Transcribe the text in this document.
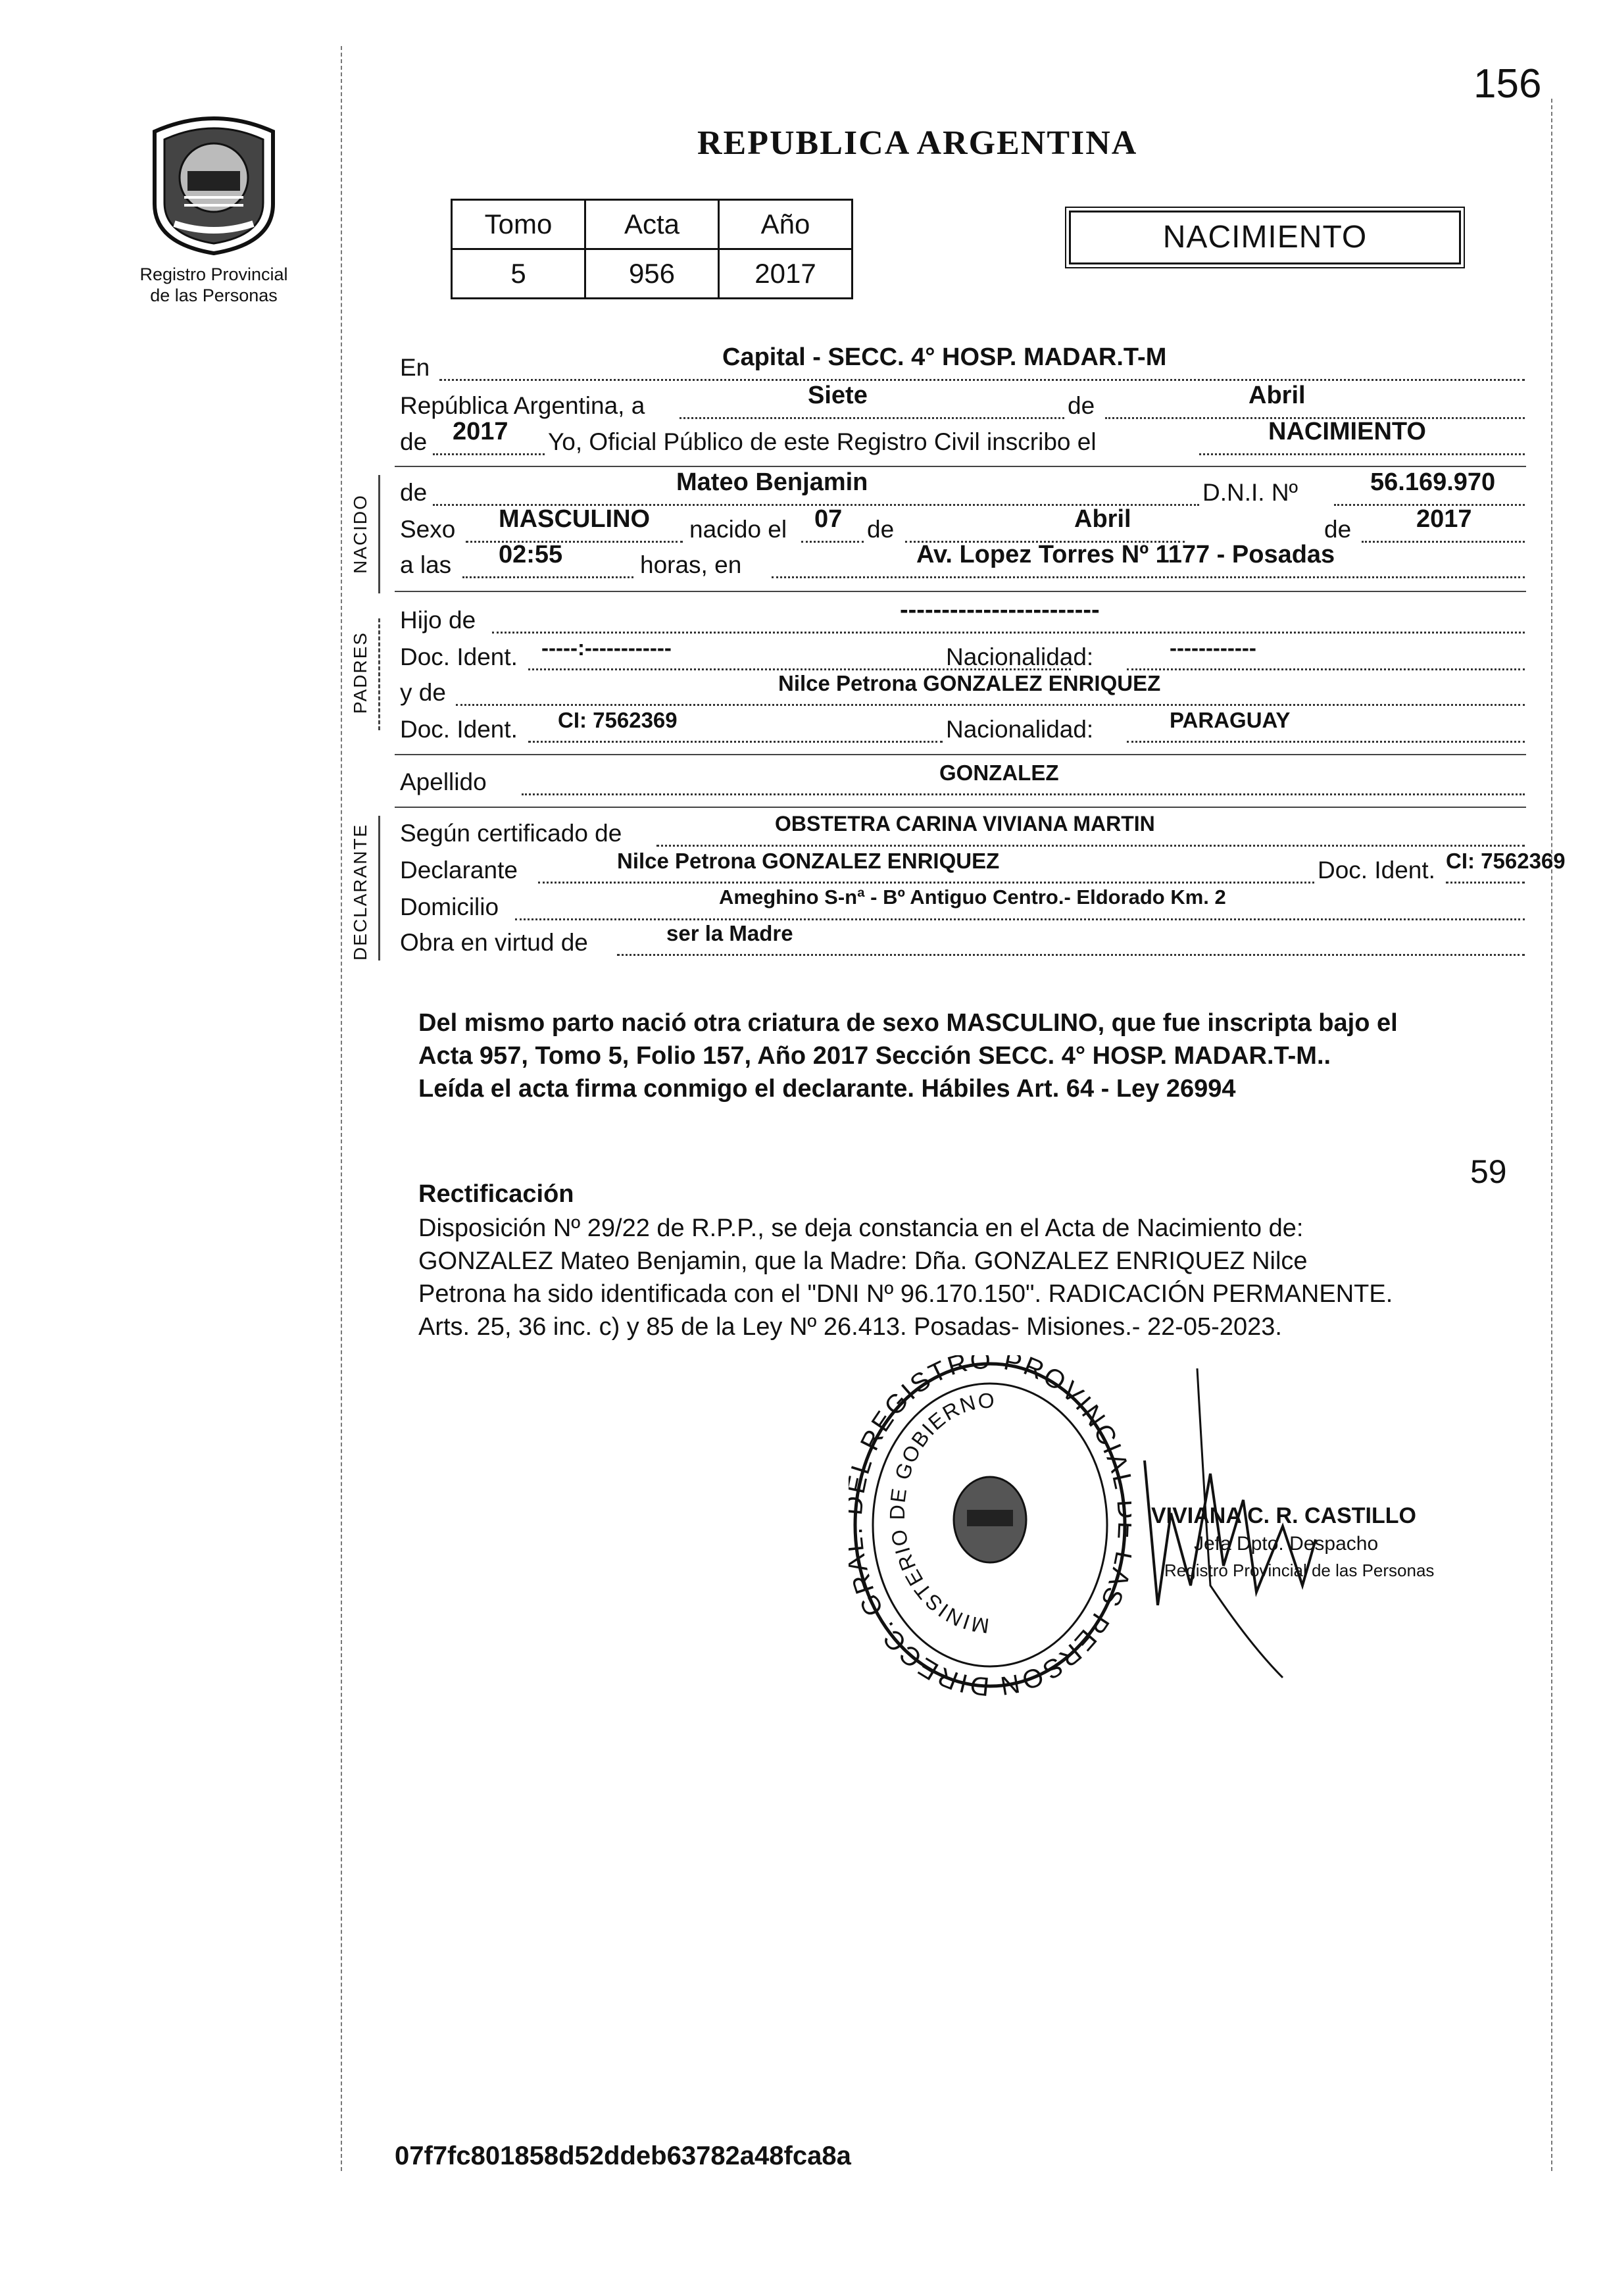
156
REPUBLICA ARGENTINA
Registro Provincial
de las Personas
Tomo	Acta	Año
5	956	2017
NACIMIENTO
En	Capital - SECC. 4° HOSP. MADAR.T-M
República Argentina, a	Siete	de	Abril
de 2017 Yo, Oficial Público de este Registro Civil inscribo el	NACIMIENTO
NACIDO
de	Mateo Benjamin	D.N.I. Nº	56.169.970
Sexo MASCULINO nacido el 07 de	Abril	de	2017
a las 02:55	horas, en	Av. Lopez Torres Nº 1177 - Posadas
PADRES
Hijo de	------------------------
Doc. Ident. -----:------------	Nacionalidad:	------------
y de	Nilce Petrona GONZALEZ ENRIQUEZ
Doc. Ident. CI: 7562369	Nacionalidad:	PARAGUAY
Apellido	GONZALEZ
DECLARANTE Según certificado de	OBSTETRA CARINA VIVIANA MARTIN
Declarante	Nilce Petrona GONZALEZ ENRIQUEZ	Doc. Ident. CI: 7562369
Domicilio	Ameghino S-nª - Bº Antiguo Centro.- Eldorado Km. 2
Obra en virtud de	ser la Madre
Del mismo parto nació otra criatura de sexo MASCULINO, que fue inscripta bajo el
Acta 957, Tomo 5, Folio 157, Año 2017 Sección SECC. 4° HOSP. MADAR.T-M..
Leída el acta firma conmigo el declarante. Hábiles Art. 64 - Ley 26994
59
Rectificación
Disposición Nº 29/22 de R.P.P., se deja constancia en el Acta de Nacimiento de:
GONZALEZ Mateo Benjamin, que la Madre: Dña. GONZALEZ ENRIQUEZ Nilce
Petrona ha sido identificada con el "DNI Nº 96.170.150". RADICACIÓN PERMANENTE.
Arts. 25, 36 inc. c) y 85 de la Ley Nº 26.413. Posadas- Misiones.- 22-05-2023.
DIRECC. GR L REGISTRO PROVINCIA S PERSON
MINISTERIO DE GOBIERNO
VIVIANA C. R. CASTILLO
Jefa Dpto. Despacho
Registro Provincial de las Personas
07f7fc801858d52ddeb63782a48fca8a
